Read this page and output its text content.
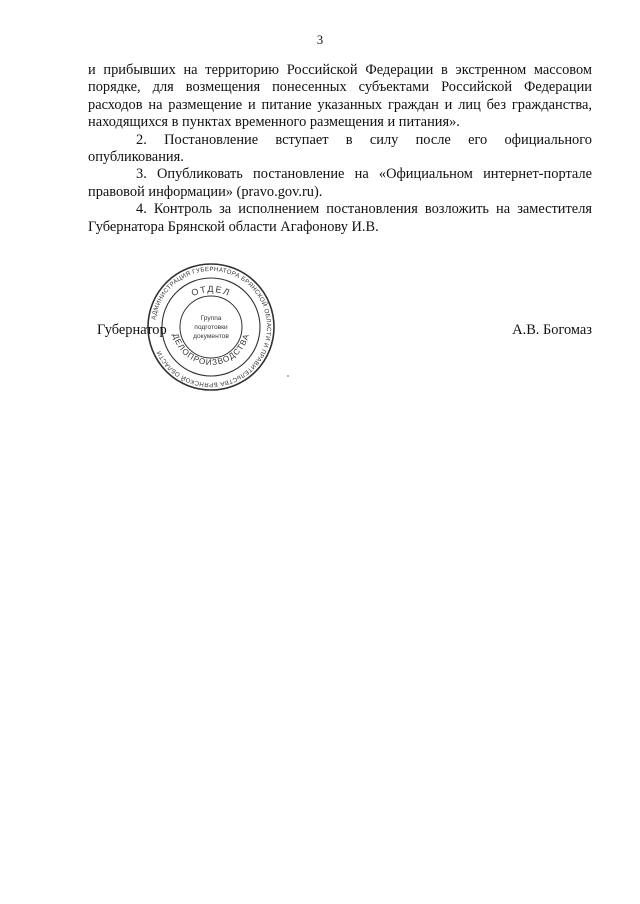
3

и прибывших на территорию Российской Федерации в экстренном массовом порядке, для возмещения понесенных субъектами Российской Федерации расходов на размещение и питание указанных граждан и лиц без гражданства, находящихся в пунктах временного размещения и питания».

2. Постановление вступает в силу после его официального опубликования.

3. Опубликовать постановление на «Официальном интернет-портале правовой информации» (pravo.gov.ru).

4. Контроль за исполнением постановления возложить на заместителя Губернатора Брянской области Агафонову И.В.

АДМИНИСТРАЦИЯ ГУБЕРНАТОРА БРЯНСКОЙ ОБЛАСТИ И ПРАВИТЕЛЬСТВА БРЯНСКОЙ ОБЛАСТИ
ОТДЕЛ
ДЕЛОПРОИЗВОДСТВА
Группа
подготовки
документов
Губернатор	А.В. Богомаз
